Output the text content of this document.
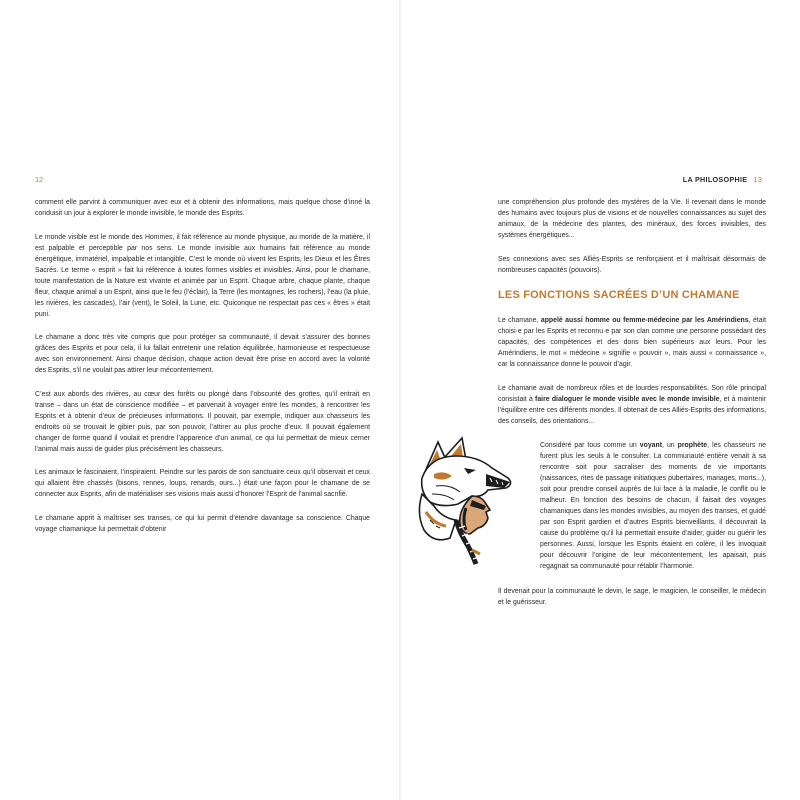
12

comment elle parvint à communiquer avec eux et à obtenir des informations, mais quelque chose d’inné la conduisit un jour à explorer le monde invisible, le monde des Esprits.

Le monde visible est le monde des Hommes, il fait référence au monde physique, au monde de la matière, il est palpable et perceptible par nos sens. Le monde invisible aux humains fait référence au monde énergétique, immatériel, impalpable et intangible. C’est le monde où vivent les Esprits, les Dieux et les Êtres Sacrés. Le terme « esprit » fait lui référence à toutes formes visibles et invisibles. Ainsi, pour le chamane, toute manifestation de la Nature est vivante et animée par un Esprit. Chaque arbre, chaque plante, chaque fleur, chaque animal a un Esprit, ainsi que le feu (l’éclair), la Terre (les montagnes, les rochers), l’eau (la pluie, les rivières, les cascades), l’air (vent), le Soleil, la Lune, etc. Quiconque ne respectait pas ces « êtres » était puni.

Le chamane a donc très vite compris que pour protéger sa communauté, il devait s’assurer des bonnes grâces des Esprits et pour cela, il lui fallait entretenir une relation équilibrée, harmonieuse et respectueuse avec son environnement. Ainsi chaque décision, chaque action devait être prise en accord avec la volonté des Esprits, s’il ne voulait pas attirer leur mécontentement.

C’est aux abords des rivières, au cœur des forêts ou plongé dans l’obscurité des grottes, qu’il entrait en transe – dans un état de conscience modifiée – et parvenait à voyager entre les mondes, à rencontrer les Esprits et à obtenir d’eux de précieuses informations. Il pouvait, par exemple, indiquer aux chasseurs les endroits où se trouvait le gibier puis, par son pouvoir, l’attirer au plus proche d’eux. Il pouvait également changer de forme quand il voulait et prendre l’apparence d’un animal, ce qui lui permettait de mieux cerner l’animal mais aussi de guider plus précisément les chasseurs.

Les animaux le fascinaient, l’inspiraient. Peindre sur les parois de son sanctuaire ceux qu’il observait et ceux qui allaient être chassés (bisons, rennes, loups, renards, ours...) était une façon pour le chamane de se connecter aux Esprits, afin de matérialiser ses visions mais aussi d’honorer l’Esprit de l’animal sacrifié.

Le chamane apprit à maîtriser ses transes, ce qui lui permit d’étendre davantage sa conscience. Chaque voyage chamanique lui permettait d’obtenir

LA PHILOSOPHIE 13

une compréhension plus profonde des mystères de la Vie. Il revenait dans le monde des humains avec toujours plus de visions et de nouvelles connaissances au sujet des animaux, de la médecine des plantes, des minéraux, des forces invisibles, des systèmes énergétiques...

Ses connexions avec ses Alliés-Esprits se renforçaient et il maîtrisait désormais de nombreuses capacités (pouvoirs).

LES FONCTIONS SACRÉES D’UN CHAMANE

Le chamane, appelé aussi homme ou femme-médecine par les Amérindiens, était choisi·e par les Esprits et reconnu·e par son clan comme une personne possédant des capacités, des compétences et des dons bien supérieurs aux leurs. Pour les Amérindiens, le mot « médecine » signifie « pouvoir », mais aussi « connaissance », car la connaissance donne le pouvoir d’agir.

Le chamane avait de nombreux rôles et de lourdes responsabilités. Son rôle principal consistait à faire dialoguer le monde visible avec le monde invisible, et à maintenir l’équilibre entre ces différents mondes. Il obtenait de ces Alliés-Esprits des informations, des conseils, des orientations...

Considéré par tous comme un voyant, un prophète, les chasseurs ne furent plus les seuls à le consulter. La communauté entière venait à sa rencontre soit pour sacraliser des moments de vie importants (naissances, rites de passage initiatiques pubertaires, mariages, morts...), soit pour prendre conseil auprès de lui face à la maladie, le conflit ou le malheur. En fonction des besoins de chacun, il faisait des voyages chamaniques dans les mondes invisibles, au moyen des transes, et guidé par son Esprit gardien et d’autres Esprits bienveillants, il découvrait la cause du problème qu’il lui permettait ensuite d’aider, guider ou guérir les personnes. Aussi, lorsque les Esprits étaient en colère, il les invoquait pour découvrir l’origine de leur mécontentement, les apaisait, puis regagnait sa communauté pour rétablir l’harmonie.

Il devenait pour la communauté le devin, le sage, le magicien, le conseiller, le médecin et le guérisseur.
